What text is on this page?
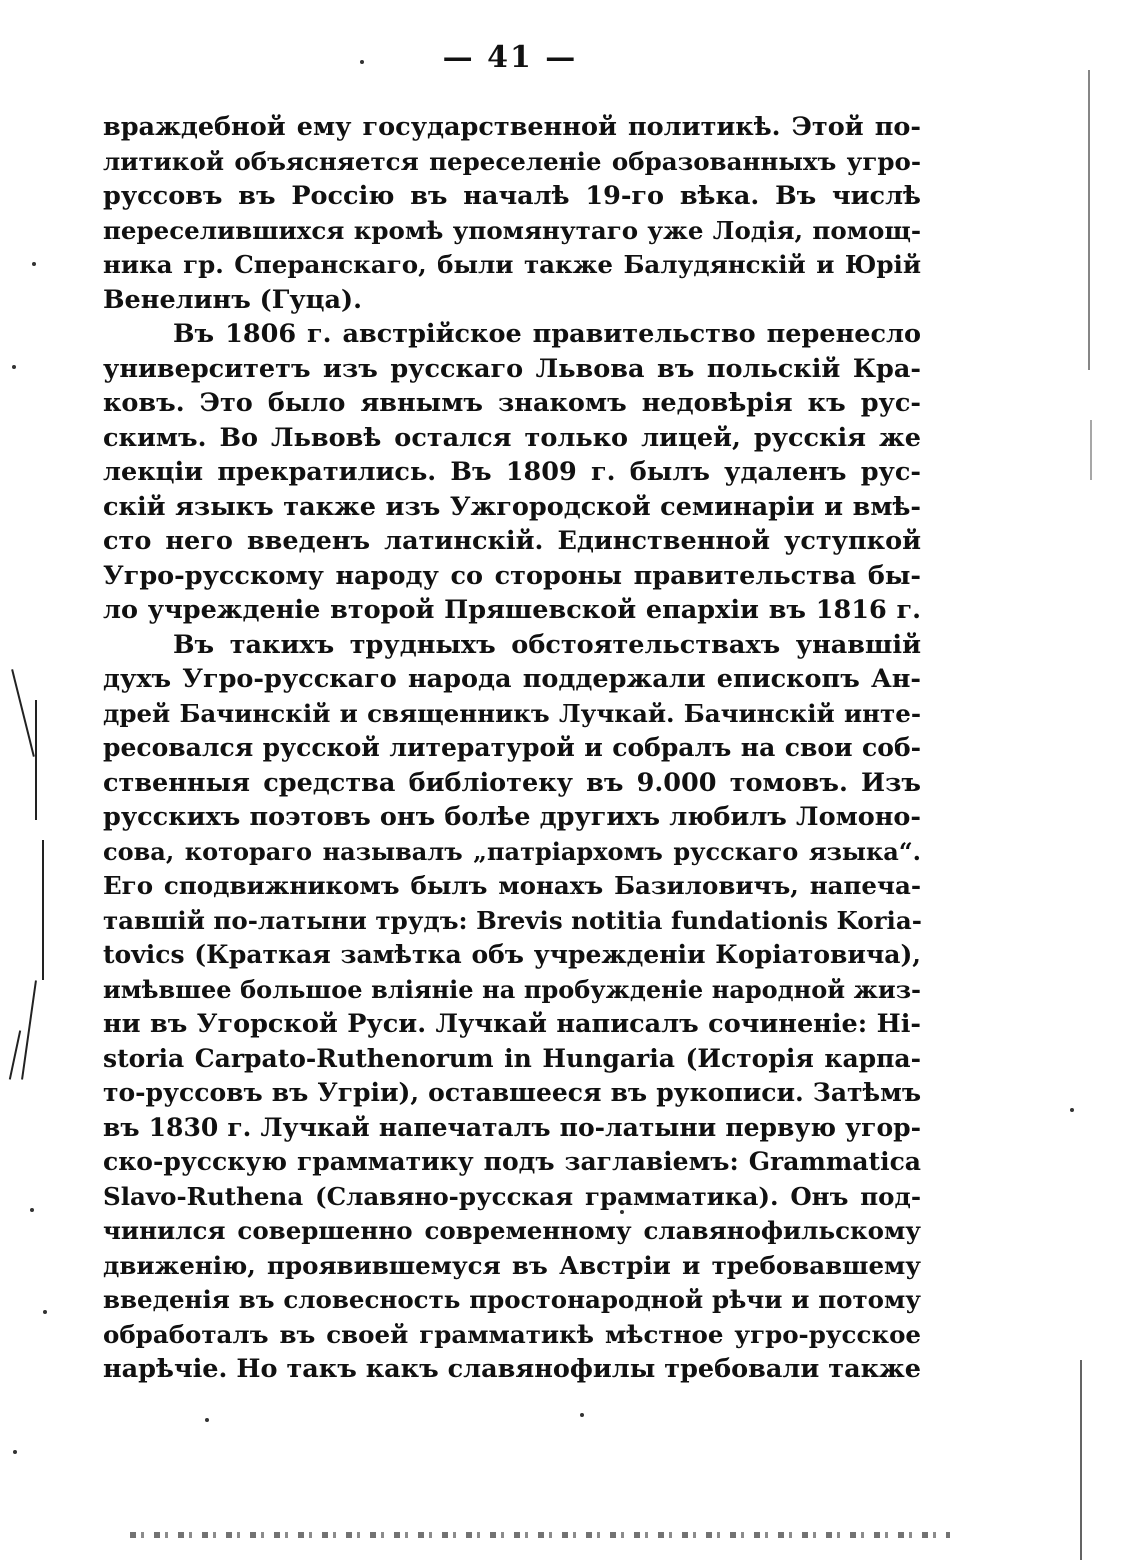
— 41 —
враждебной ему государственной политикѣ. Этой по-
литикой объясняется переселеніе образованныхъ угро-
руссовъ въ Россію въ началѣ 19-го вѣка. Въ числѣ
переселившихся кромѣ упомянутаго уже Лодія, помощ-
ника гр. Сперанскаго, были также Балудянскій и Юрій
Венелинъ (Гуца).
Въ 1806 г. австрійское правительство перенесло
университетъ изъ русскаго Львова въ польскій Кра-
ковъ. Это было явнымъ знакомъ недовѣрія къ рус-
скимъ. Во Львовѣ остался только лицей, русскія же
лекціи прекратились. Въ 1809 г. былъ удаленъ рус-
скій языкъ также изъ Ужгородской семинаріи и вмѣ-
сто него введенъ латинскій. Единственной уступкой
Угро-русскому народу со стороны правительства бы-
ло учрежденіе второй Пряшевской епархіи въ 1816 г.
Въ такихъ трудныхъ обстоятельствахъ унавшій
духъ Угро-русскаго народа поддержали епископъ Ан-
дрей Бачинскій и священникъ Лучкай. Бачинскій инте-
ресовался русской литературой и собралъ на свои соб-
ственныя средства библіотеку въ 9.000 томовъ. Изъ
русскихъ поэтовъ онъ болѣе другихъ любилъ Ломоно-
сова, котораго называлъ „патріархомъ русскаго языка“.
Его сподвижникомъ былъ монахъ Базиловичъ, напеча-
тавшій по-латыни трудъ: Brevis notitia fundationis Koria-
tovics (Краткая замѣтка объ учрежденіи Коріатовича),
имѣвшее большое вліяніе на пробужденіе народной жиз-
ни въ Угорской Руси. Лучкай написалъ сочиненіе: Hi-
storia Carpato-Ruthenorum in Hungaria (Исторія карпа-
то-руссовъ въ Угріи), оставшееся въ рукописи. Затѣмъ
въ 1830 г. Лучкай напечаталъ по-латыни первую угор-
ско-русскую грамматику подъ заглавіемъ: Grammatica
Slavo-Ruthena (Славяно-русская грамматика). Онъ под-
чинился совершенно современному славянофильскому
движенію, проявившемуся въ Австріи и требовавшему
введенія въ словесность простонародной рѣчи и потому
обработалъ въ своей грамматикѣ мѣстное угро-русское
нарѣчіе. Но такъ какъ славянофилы требовали также
